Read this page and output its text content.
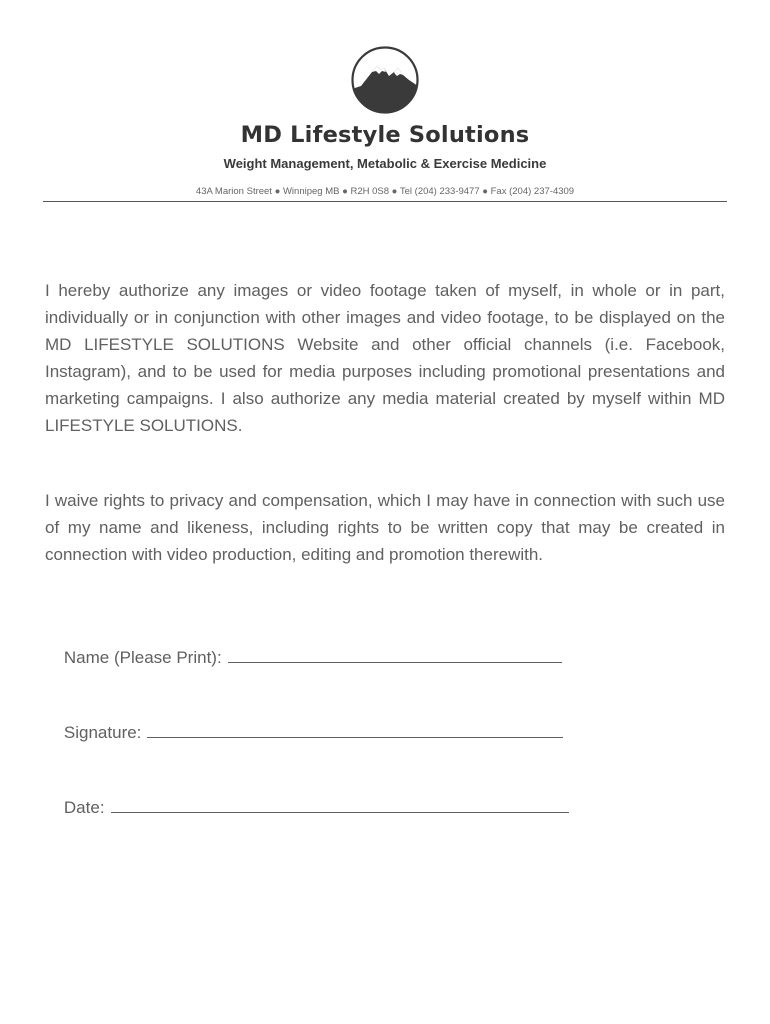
MD Lifestyle Solutions
Weight Management, Metabolic & Exercise Medicine
43A Marion Street ● Winnipeg MB ● R2H 0S8 ● Tel (204) 233-9477 ● Fax (204) 237-4309

I hereby authorize any images or video footage taken of myself, in whole or in part, individually or in conjunction with other images and video footage, to be displayed on the MD LIFESTYLE SOLUTIONS Website and other official channels (i.e. Facebook, Instagram), and to be used for media purposes including promotional presentations and marketing campaigns. I also authorize any media material created by myself within MD LIFESTYLE SOLUTIONS.

I waive rights to privacy and compensation, which I may have in connection with such use of my name and likeness, including rights to be written copy that may be created in connection with video production, editing and promotion therewith.

Name (Please Print):

Signature:

Date:
